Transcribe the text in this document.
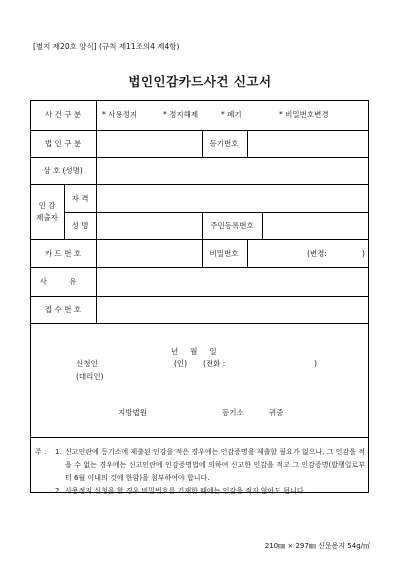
[별지 제20호 양식] (규칙 제11조의4 제4항)
법인인감카드사건 신고서
사 건 구 분	* 사용정지	* 정지해제	* 폐기	* 비밀번호변경
법 인 구 분	등기번호
상 호 (성명)
인 감
제출자
자 격
성 명	주민등록번호
카 드 번 호	비밀번호	(변경:	)
사 유
접 수 번 호
년     월     일
신청인	(인) (전화 :	)
(대리인)
지방법원	등기소	귀중
주 :	1. 신고인란에 등기소에 제출된 인감을 적은 경우에는 인감증명을 제출할 필요가 없으나, 그 인감을 적을 수 없는 경우에는 신고인란에 인감증명법에 의하여 신고한 인감을 적고 그 인감증명(발행일로부터 6월 이내의 것에 한함)을 첨부하여야 합니다.
2. 사용정지 신청을 할 경우 비밀번호를 기재한 때에는 인감을 적지 않아도 됩니다.
210㎜ × 297㎜ 신문용지 54g/㎡
